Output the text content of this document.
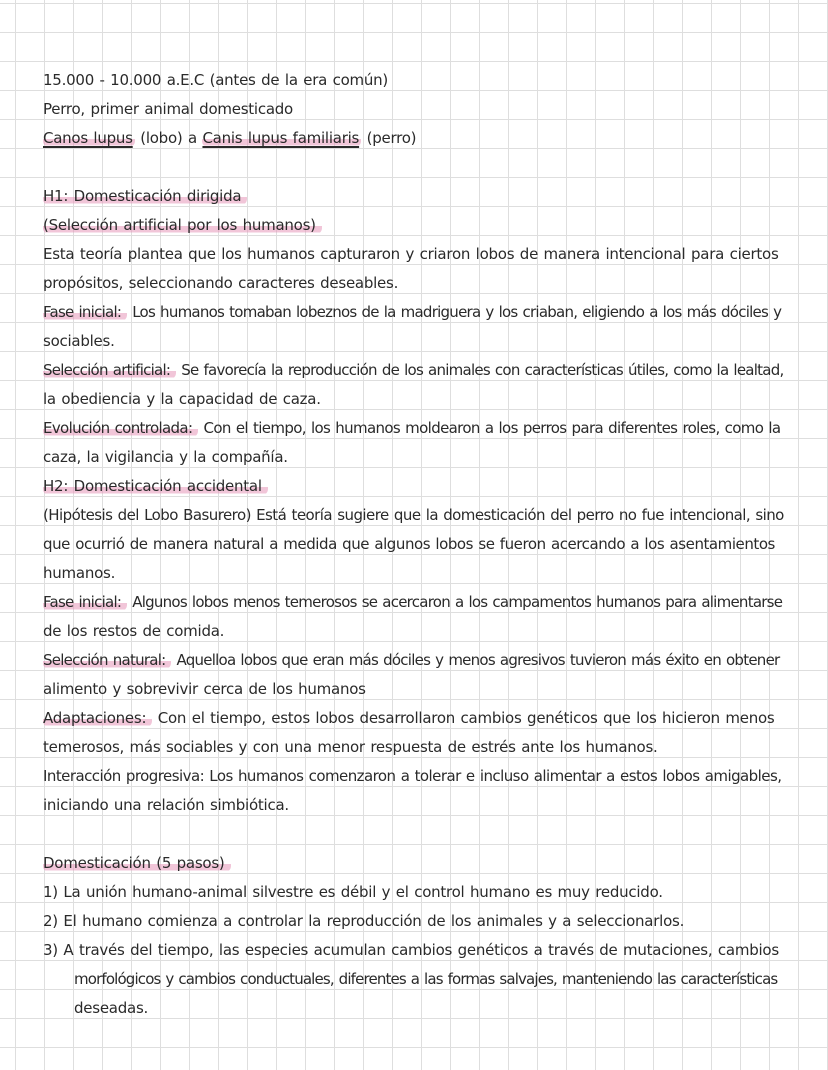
15.000 - 10.000 a.E.C (antes de la era común)
Perro, primer animal domesticado
Canos lupus (lobo) a Canis lupus familiaris (perro)
H1: Domesticación dirigida
(Selección artificial por los humanos)
Esta teoría plantea que los humanos capturaron y criaron lobos de manera intencional para ciertos
propósitos, seleccionando caracteres deseables.
Fase inicial: Los humanos tomaban lobeznos de la madriguera y los criaban, eligiendo a los más dóciles y
sociables.
Selección artificial: Se favorecía la reproducción de los animales con características útiles, como la lealtad,
la obediencia y la capacidad de caza.
Evolución controlada: Con el tiempo, los humanos moldearon a los perros para diferentes roles, como la
caza, la vigilancia y la compañía.
H2: Domesticación accidental
(Hipótesis del Lobo Basurero) Está teoría sugiere que la domesticación del perro no fue intencional, sino
que ocurrió de manera natural a medida que algunos lobos se fueron acercando a los asentamientos
humanos.
Fase inicial: Algunos lobos menos temerosos se acercaron a los campamentos humanos para alimentarse
de los restos de comida.
Selección natural: Aquelloa lobos que eran más dóciles y menos agresivos tuvieron más éxito en obtener
alimento y sobrevivir cerca de los humanos
Adaptaciones: Con el tiempo, estos lobos desarrollaron cambios genéticos que los hicieron menos
temerosos, más sociables y con una menor respuesta de estrés ante los humanos.
Interacción progresiva: Los humanos comenzaron a tolerar e incluso alimentar a estos lobos amigables,
iniciando una relación simbiótica.
Domesticación (5 pasos)
1) La unión humano-animal silvestre es débil y el control humano es muy reducido.
2) El humano comienza a controlar la reproducción de los animales y a seleccionarlos.
3) A través del tiempo, las especies acumulan cambios genéticos a través de mutaciones, cambios
morfológicos y cambios conductuales, diferentes a las formas salvajes, manteniendo las características
deseadas.
